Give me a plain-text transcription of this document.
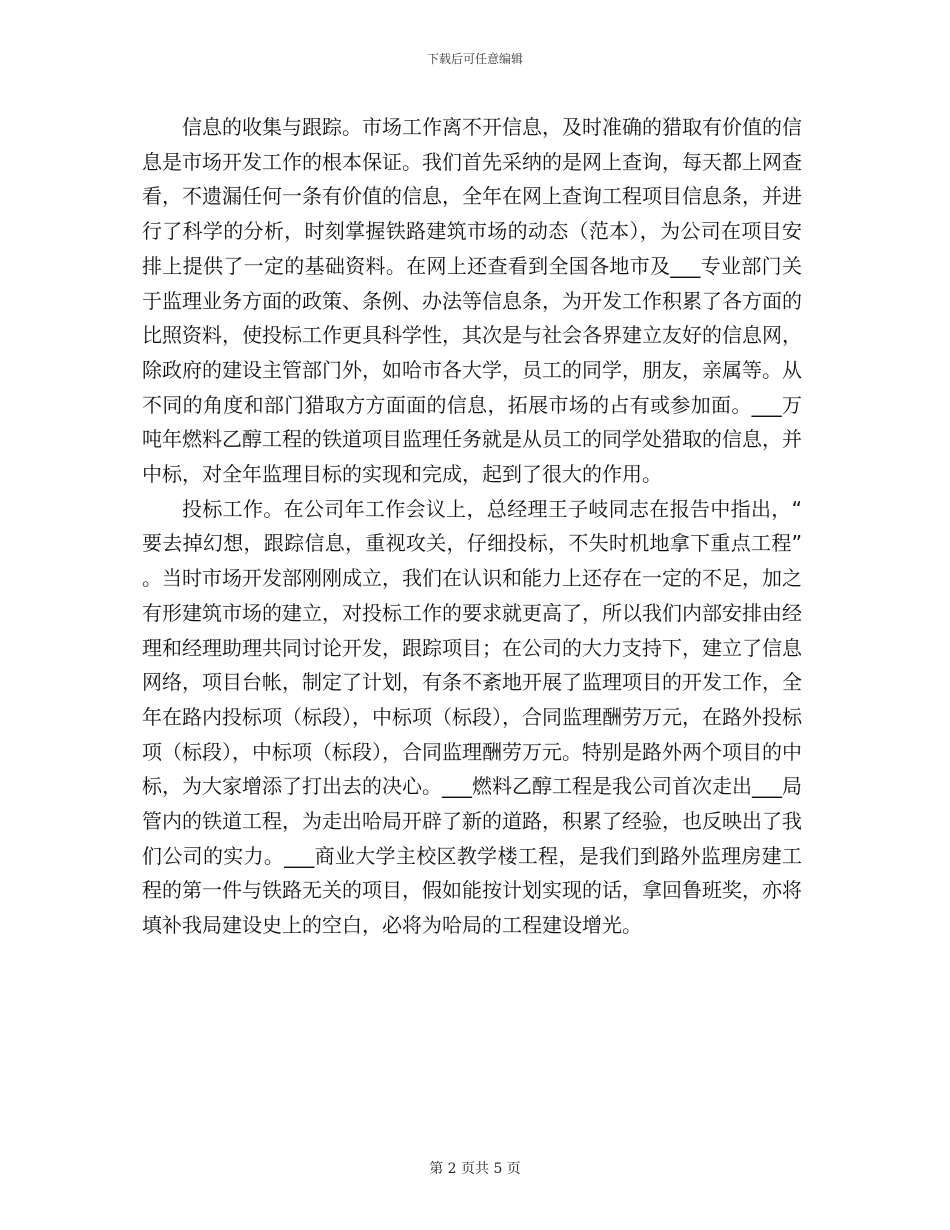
下载后可任意编辑

信息的收集与跟踪。市场工作离不开信息，及时准确的猎取有价值的信息是市场开发工作的根本保证。我们首先采纳的是网上查询，每天都上网查看，不遗漏任何一条有价值的信息，全年在网上查询工程项目信息条，并进行了科学的分析，时刻掌握铁路建筑市场的动态（范本），为公司在项目安排上提供了一定的基础资料。在网上还查看到全国各地市及___专业部门关于监理业务方面的政策、条例、办法等信息条，为开发工作积累了各方面的比照资料，使投标工作更具科学性，其次是与社会各界建立友好的信息网，除政府的建设主管部门外，如哈市各大学，员工的同学，朋友，亲属等。从不同的角度和部门猎取方方面面的信息，拓展市场的占有或参加面。___万吨年燃料乙醇工程的铁道项目监理任务就是从员工的同学处猎取的信息，并中标，对全年监理目标的实现和完成，起到了很大的作用。

投标工作。在公司年工作会议上，总经理王子岐同志在报告中指出，“要去掉幻想，跟踪信息，重视攻关，仔细投标，不失时机地拿下重点工程”。当时市场开发部刚刚成立，我们在认识和能力上还存在一定的不足，加之有形建筑市场的建立，对投标工作的要求就更高了，所以我们内部安排由经理和经理助理共同讨论开发，跟踪项目；在公司的大力支持下，建立了信息网络，项目台帐，制定了计划，有条不紊地开展了监理项目的开发工作，全年在路内投标项（标段），中标项（标段），合同监理酬劳万元，在路外投标项（标段），中标项（标段），合同监理酬劳万元。特别是路外两个项目的中标，为大家增添了打出去的决心。___燃料乙醇工程是我公司首次走出___局管内的铁道工程，为走出哈局开辟了新的道路，积累了经验，也反映出了我们公司的实力。___商业大学主校区教学楼工程，是我们到路外监理房建工程的第一件与铁路无关的项目，假如能按计划实现的话，拿回鲁班奖，亦将填补我局建设史上的空白，必将为哈局的工程建设增光。

第 2 页共 5 页
